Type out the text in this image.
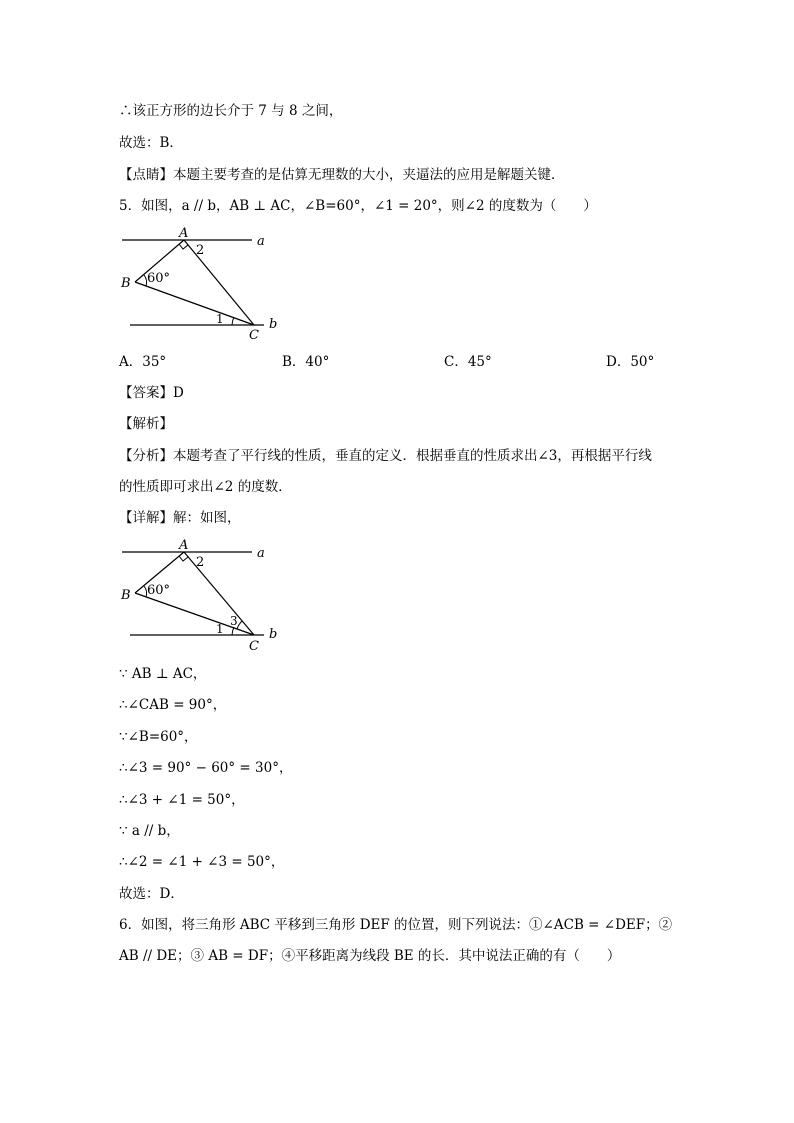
∴该正方形的边长介于 7 与 8 之间，
故选：B．
【点睛】本题主要考查的是估算无理数的大小，夹逼法的应用是解题关键．
5．如图，a // b，AB ⊥ AC，∠B=60°，∠1 = 20°，则∠2 的度数为（　　）
A
2
a
B 60°
1
C
b
A．35°	B．40°	C．45°	D．50°
【答案】D
【解析】
【分析】本题考查了平行线的性质，垂直的定义．根据垂直的性质求出∠3，再根据平行线
的性质即可求出∠2 的度数．
【详解】解：如图，
A
2
a
B 60°
1
3
C
b
∵ AB ⊥ AC，
∴∠CAB = 90°，
∵∠B=60°，
∴∠3 = 90° − 60° = 30°，
∴∠3 + ∠1 = 50°，
∵ a // b，
∴∠2 = ∠1 + ∠3 = 50°，
故选：D．
6．如图，将三角形 ABC 平移到三角形 DEF 的位置，则下列说法：①∠ACB = ∠DEF；②
AB // DE；③ AB = DF；④平移距离为线段 BE 的长．其中说法正确的有（　　）
